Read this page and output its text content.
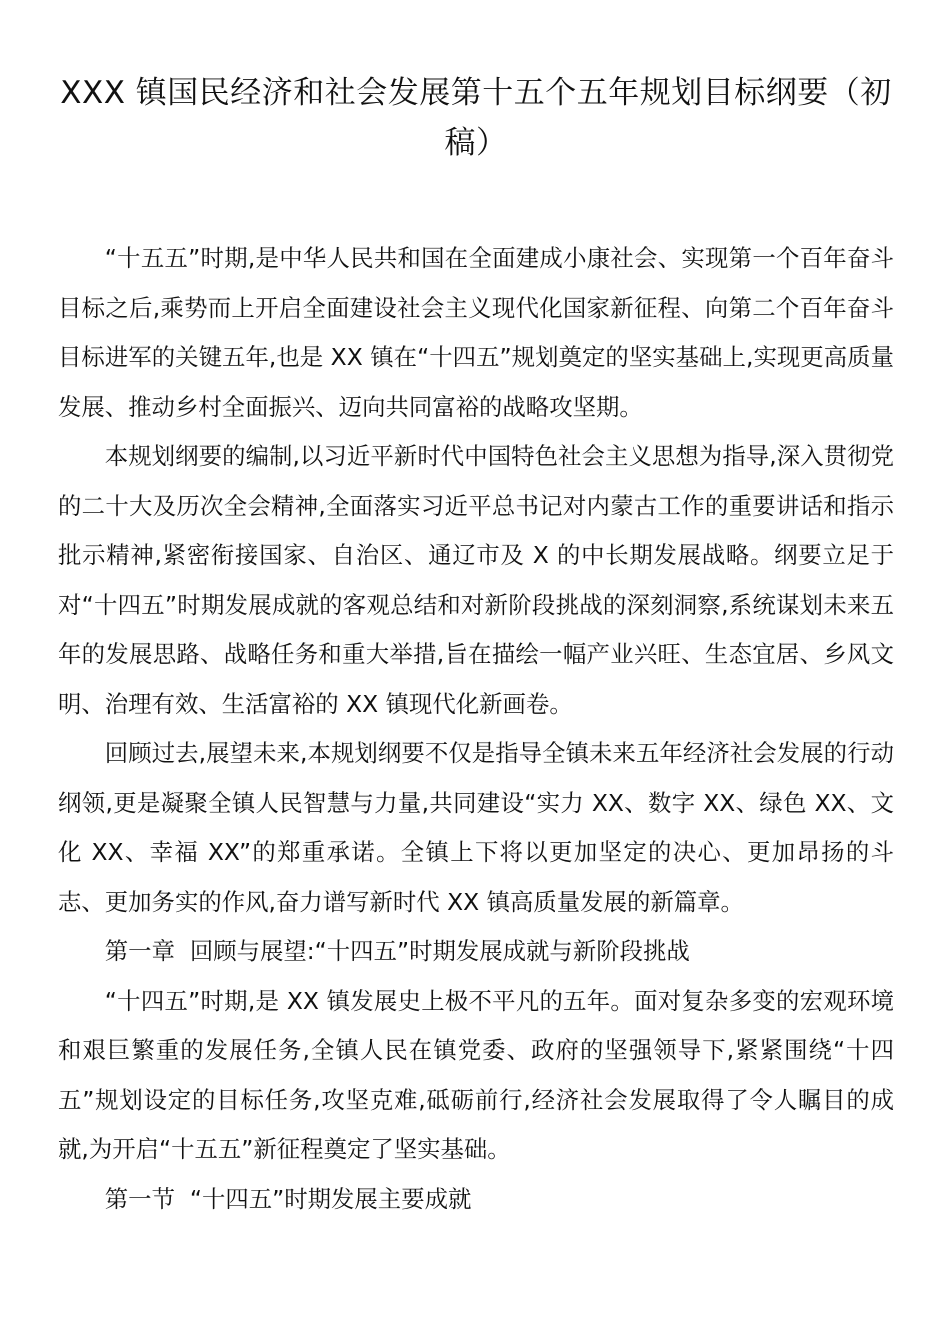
XXX 镇国民经济和社会发展第十五个五年规划目标纲要（初稿）

“十五五”时期,是中华人民共和国在全面建成小康社会、实现第一个百年奋斗目标之后,乘势而上开启全面建设社会主义现代化国家新征程、向第二个百年奋斗目标进军的关键五年,也是 XX 镇在“十四五”规划奠定的坚实基础上,实现更高质量发展、推动乡村全面振兴、迈向共同富裕的战略攻坚期。

本规划纲要的编制,以习近平新时代中国特色社会主义思想为指导,深入贯彻党的二十大及历次全会精神,全面落实习近平总书记对内蒙古工作的重要讲话和指示批示精神,紧密衔接国家、自治区、通辽市及 X 的中长期发展战略。纲要立足于对“十四五”时期发展成就的客观总结和对新阶段挑战的深刻洞察,系统谋划未来五年的发展思路、战略任务和重大举措,旨在描绘一幅产业兴旺、生态宜居、乡风文明、治理有效、生活富裕的 XX 镇现代化新画卷。

回顾过去,展望未来,本规划纲要不仅是指导全镇未来五年经济社会发展的行动纲领,更是凝聚全镇人民智慧与力量,共同建设“实力 XX、数字 XX、绿色 XX、文化 XX、幸福 XX”的郑重承诺。全镇上下将以更加坚定的决心、更加昂扬的斗志、更加务实的作风,奋力谱写新时代 XX 镇高质量发展的新篇章。

第一章  回顾与展望:“十四五”时期发展成就与新阶段挑战

“十四五”时期,是 XX 镇发展史上极不平凡的五年。面对复杂多变的宏观环境和艰巨繁重的发展任务,全镇人民在镇党委、政府的坚强领导下,紧紧围绕“十四五”规划设定的目标任务,攻坚克难,砥砺前行,经济社会发展取得了令人瞩目的成就,为开启“十五五”新征程奠定了坚实基础。

第一节  “十四五”时期发展主要成就
